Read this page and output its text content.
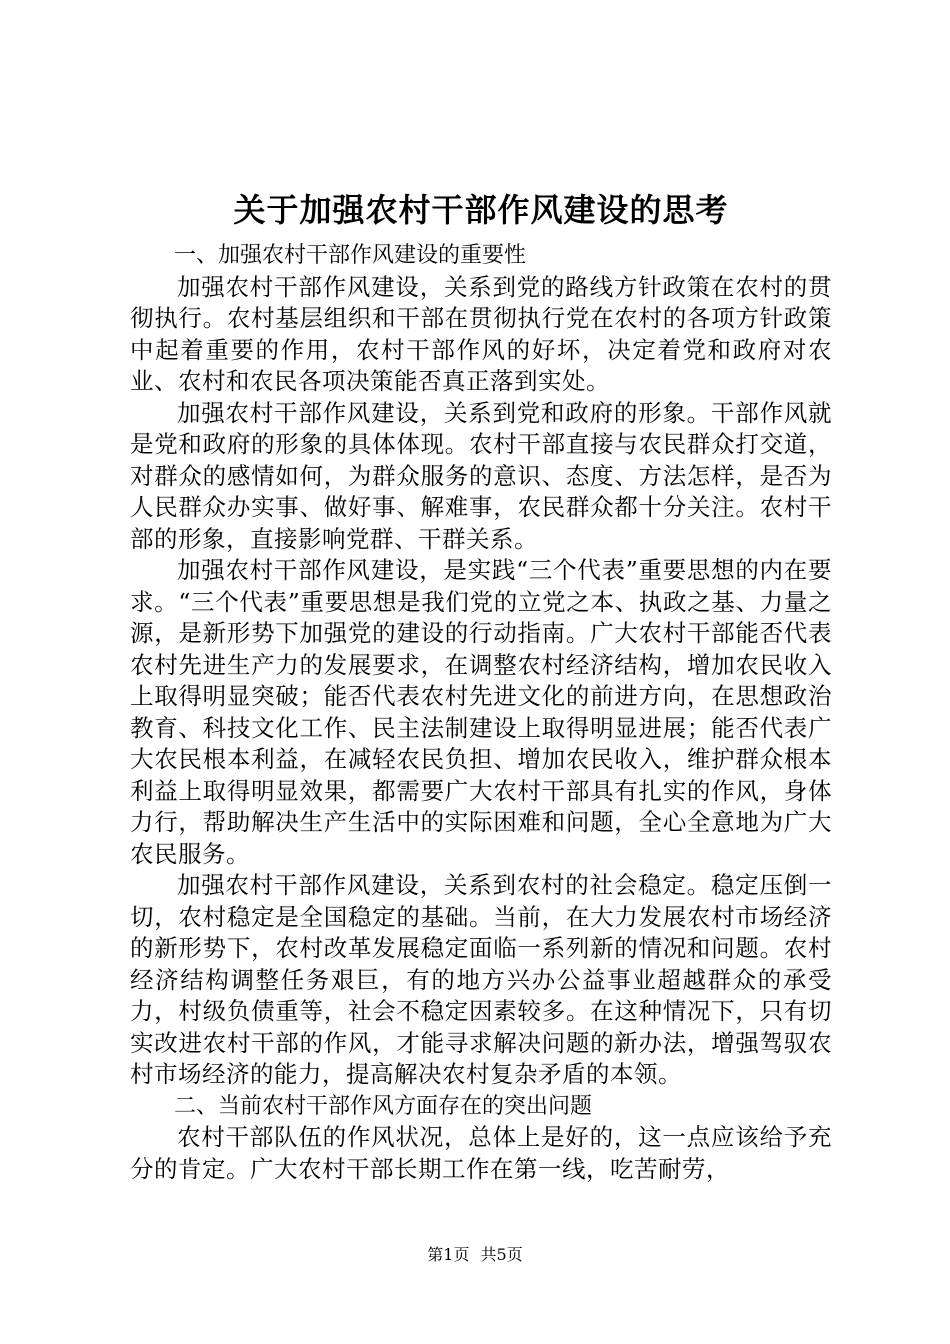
关于加强农村干部作风建设的思考

一、加强农村干部作风建设的重要性

加强农村干部作风建设，关系到党的路线方针政策在农村的贯彻执行。农村基层组织和干部在贯彻执行党在农村的各项方针政策中起着重要的作用，农村干部作风的好坏，决定着党和政府对农业、农村和农民各项决策能否真正落到实处。

加强农村干部作风建设，关系到党和政府的形象。干部作风就是党和政府的形象的具体体现。农村干部直接与农民群众打交道，对群众的感情如何，为群众服务的意识、态度、方法怎样，是否为人民群众办实事、做好事、解难事，农民群众都十分关注。农村干部的形象，直接影响党群、干群关系。

加强农村干部作风建设，是实践“三个代表”重要思想的内在要求。“三个代表”重要思想是我们党的立党之本、执政之基、力量之源，是新形势下加强党的建设的行动指南。广大农村干部能否代表农村先进生产力的发展要求，在调整农村经济结构，增加农民收入上取得明显突破；能否代表农村先进文化的前进方向，在思想政治教育、科技文化工作、民主法制建设上取得明显进展；能否代表广大农民根本利益，在减轻农民负担、增加农民收入，维护群众根本利益上取得明显效果，都需要广大农村干部具有扎实的作风，身体力行，帮助解决生产生活中的实际困难和问题，全心全意地为广大农民服务。

加强农村干部作风建设，关系到农村的社会稳定。稳定压倒一切，农村稳定是全国稳定的基础。当前，在大力发展农村市场经济的新形势下，农村改革发展稳定面临一系列新的情况和问题。农村经济结构调整任务艰巨，有的地方兴办公益事业超越群众的承受力，村级负债重等，社会不稳定因素较多。在这种情况下，只有切实改进农村干部的作风，才能寻求解决问题的新办法，增强驾驭农村市场经济的能力，提高解决农村复杂矛盾的本领。

二、当前农村干部作风方面存在的突出问题

农村干部队伍的作风状况，总体上是好的，这一点应该给予充分的肯定。广大农村干部长期工作在第一线，吃苦耐劳，

第1页 共5页
